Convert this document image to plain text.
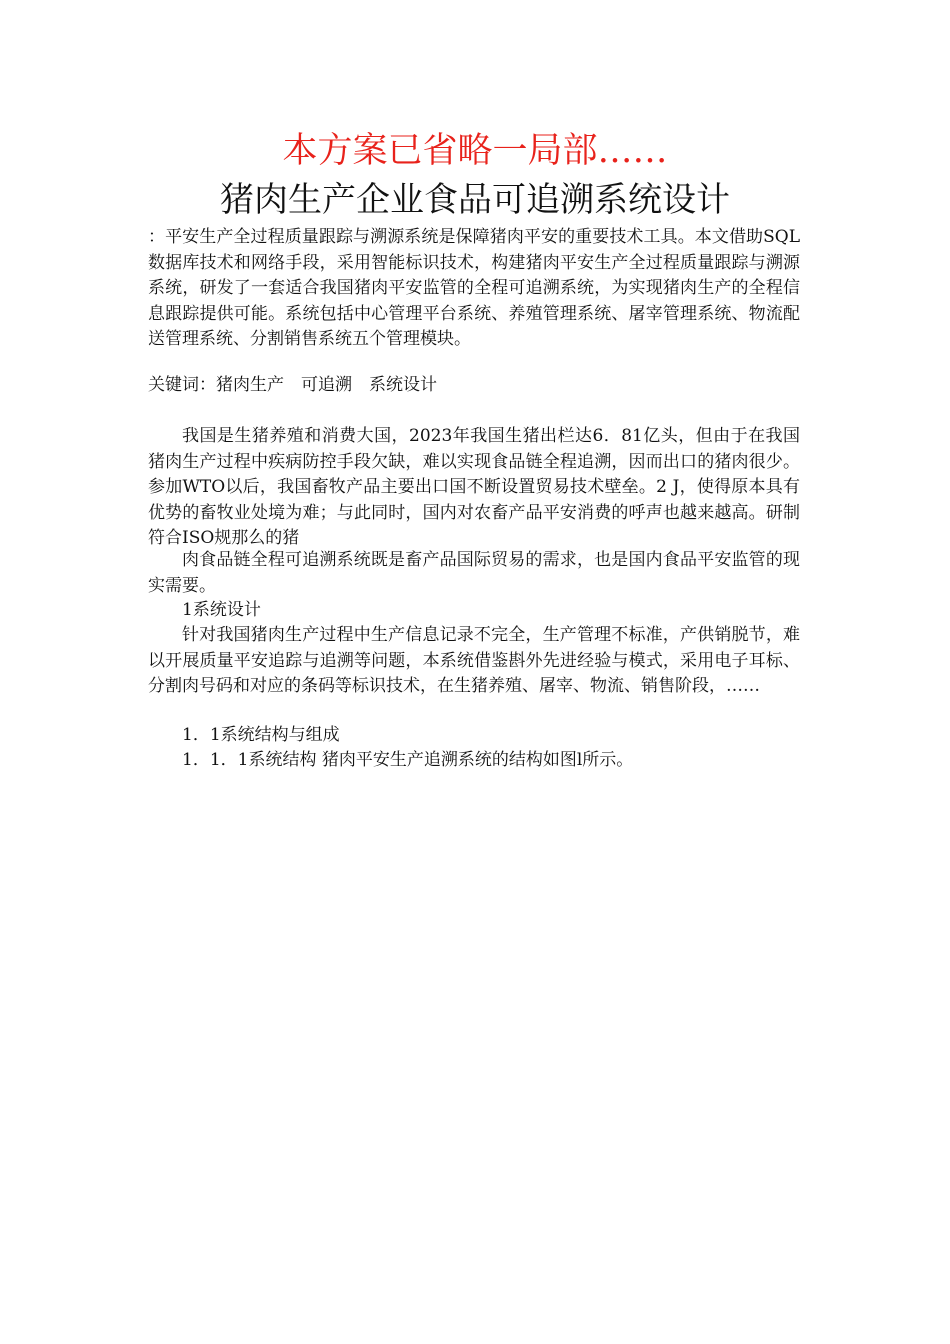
本方案已省略一局部……
猪肉生产企业食品可追溯系统设计
：平安生产全过程质量跟踪与溯源系统是保障猪肉平安的重要技术工具。本文借助SQL数据库技术和网络手段，采用智能标识技术，构建猪肉平安生产全过程质量跟踪与溯源系统，研发了一套适合我国猪肉平安监管的全程可追溯系统，为实现猪肉生产的全程信息跟踪提供可能。系统包括中心管理平台系统、养殖管理系统、屠宰管理系统、物流配送管理系统、分割销售系统五个管理模块。
关键词：猪肉生产　可追溯　系统设计
我国是生猪养殖和消费大国，2023年我国生猪出栏达6．81亿头，但由于在我国猪肉生产过程中疾病防控手段欠缺，难以实现食品链全程追溯，因而出口的猪肉很少。参加WTO以后，我国畜牧产品主要出口国不断设置贸易技术壁垒。2 J，使得原本具有优势的畜牧业处境为难；与此同时，国内对农畜产品平安消费的呼声也越来越高。研制符合ISO规那么的猪
肉食品链全程可追溯系统既是畜产品国际贸易的需求，也是国内食品平安监管的现实需要。
1系统设计
针对我国猪肉生产过程中生产信息记录不完全，生产管理不标准，产供销脱节，难以开展质量平安追踪与追溯等问题，本系统借鉴斟外先进经验与模式，采用电子耳标、分割肉号码和对应的条码等标识技术，在生猪养殖、屠宰、物流、销售阶段，……
1．1系统结构与组成
1．1．1系统结构 猪肉平安生产追溯系统的结构如图l所示。
